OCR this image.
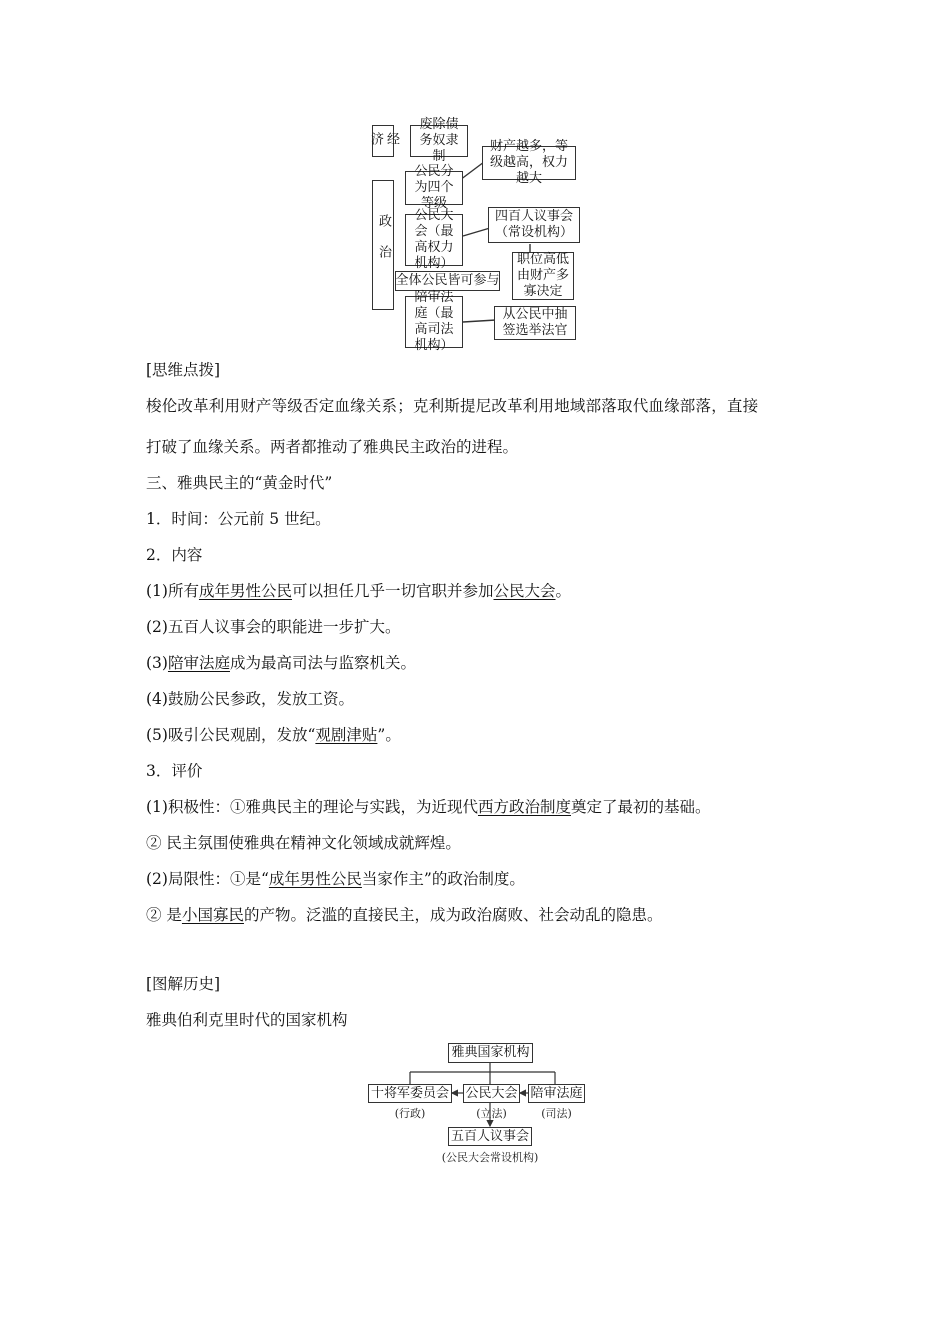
经济
政治
废除债务奴隶制
财产越多，等级越高，权力越大
公民分为四个等级
四百人议事会（常设机构）
公民大会（最高权力机构）	职位高低由财产多寡决定
全体公民皆可参与
陪审法庭（最高司法机构）
从公民中抽签选举法官
[思维点拨]
梭伦改革利用财产等级否定血缘关系；克利斯提尼改革利用地域部落取代血缘部落，直接
打破了血缘关系。两者都推动了雅典民主政治的进程。
三、雅典民主的“黄金时代”
1．时间：公元前 5 世纪。
2．内容
(1)所有成年男性公民可以担任几乎一切官职并参加公民大会。
(2)五百人议事会的职能进一步扩大。
(3)陪审法庭成为最高司法与监察机关。
(4)鼓励公民参政，发放工资。
(5)吸引公民观剧，发放“观剧津贴”。
3．评价
(1)积极性：①雅典民主的理论与实践，为近现代西方政治制度奠定了最初的基础。
② 民主氛围使雅典在精神文化领域成就辉煌。
(2)局限性：①是“成年男性公民当家作主”的政治制度。
② 是小国寡民的产物。泛滥的直接民主，成为政治腐败、社会动乱的隐患。
[图解历史]
雅典伯利克里时代的国家机构
雅典国家机构
十将军委员会
(行政)
公民大会
(立法)
陪审法庭
(司法)
五百人议事会
(公民大会常设机构)
